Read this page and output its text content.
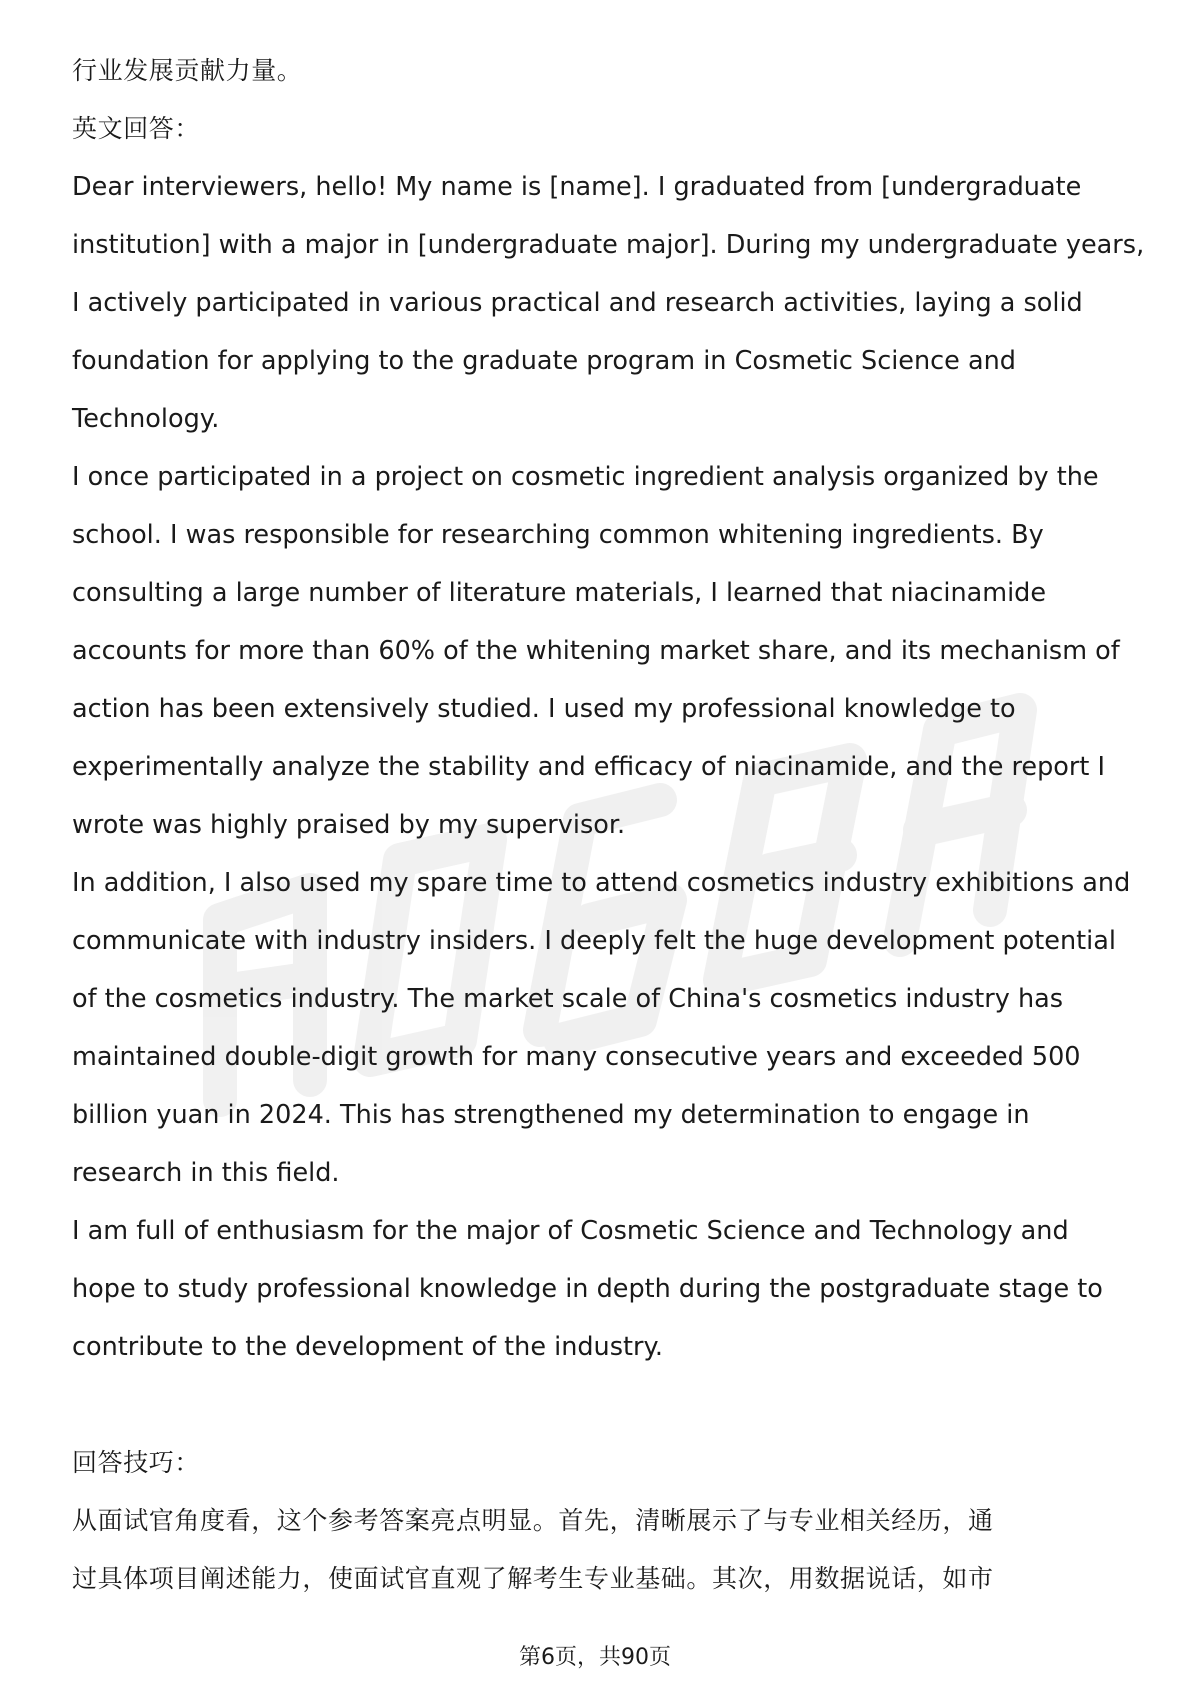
行业发展贡献力量。
英文回答：
Dear interviewers, hello! My name is [name]. I graduated from [undergraduate
institution] with a major in [undergraduate major]. During my undergraduate years,
I actively participated in various practical and research activities, laying a solid
foundation for applying to the graduate program in Cosmetic Science and
Technology.
I once participated in a project on cosmetic ingredient analysis organized by the
school. I was responsible for researching common whitening ingredients. By
consulting a large number of literature materials, I learned that niacinamide
accounts for more than 60% of the whitening market share, and its mechanism of
action has been extensively studied. I used my professional knowledge to
experimentally analyze the stability and efficacy of niacinamide, and the report I
wrote was highly praised by my supervisor.
In addition, I also used my spare time to attend cosmetics industry exhibitions and
communicate with industry insiders. I deeply felt the huge development potential
of the cosmetics industry. The market scale of China's cosmetics industry has
maintained double-digit growth for many consecutive years and exceeded 500
billion yuan in 2024. This has strengthened my determination to engage in
research in this field.
I am full of enthusiasm for the major of Cosmetic Science and Technology and
hope to study professional knowledge in depth during the postgraduate stage to
contribute to the development of the industry.
回答技巧：
从面试官角度看，这个参考答案亮点明显。首先，清晰展示了与专业相关经历，通
过具体项目阐述能力，使面试官直观了解考生专业基础。其次，用数据说话，如市
第6页，共90页
